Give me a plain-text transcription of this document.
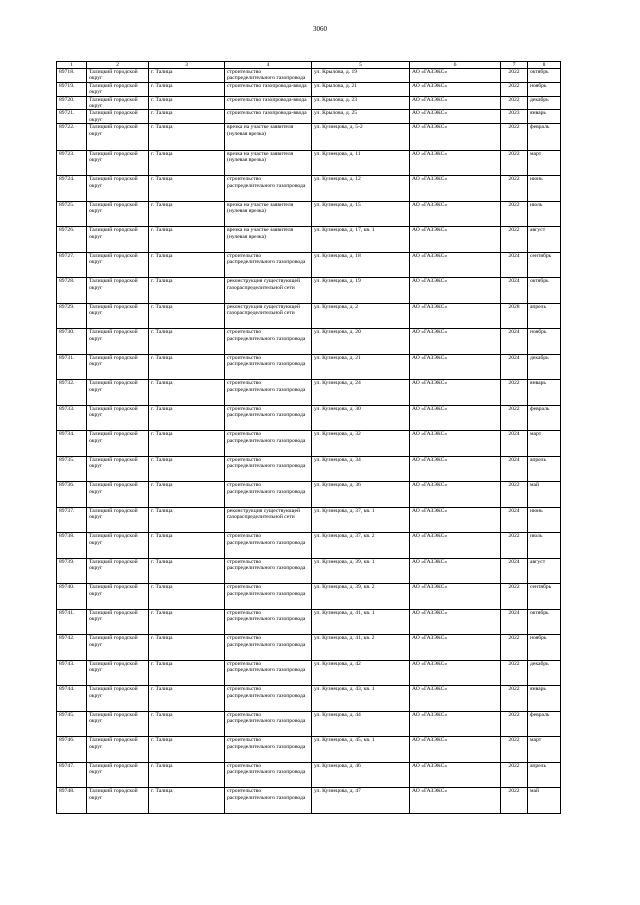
3060
1	2	3	4	5	6	7	8
89718.	Талицкий городской округ	г. Талица	строительство распределительного газопровода	ул. Крылова, д. 19	АО «ГАЗЭКС»	2022	октябрь
89719.	Талицкий городской округ	г. Талица	строительство газопровода-ввода	ул. Крылова, д. 21	АО «ГАЗЭКС»	2022	ноябрь
89720.	Талицкий городской округ	г. Талица	строительство газопровода-ввода	ул. Крылова, д. 23	АО «ГАЗЭКС»	2022	декабрь
89721.	Талицкий городской округ	г. Талица	строительство газопровода-ввода	ул. Крылова, д. 25	АО «ГАЗЭКС»	2023	январь
89722.	Талицкий городской округ	г. Талица	врезка на участке заявителя (нулевая врезка)	ул. Кузнецова, д. 5-2	АО «ГАЗЭКС»	2022	февраль
89723.	Талицкий городской округ	г. Талица	врезка на участке заявителя (нулевая врезка)	ул. Кузнецова, д. 11	АО «ГАЗЭКС»	2022	март
89724.	Талицкий городской округ	г. Талица	строительство распределительного газопровода	ул. Кузнецова, д. 12	АО «ГАЗЭКС»	2022	июнь
89725.	Талицкий городской округ	г. Талица	врезка на участке заявителя (нулевая врезка)	ул. Кузнецова, д. 15	АО «ГАЗЭКС»	2022	июль
89726.	Талицкий городской округ	г. Талица	врезка на участке заявителя (нулевая врезка)	ул. Кузнецова, д. 17, кв. 1	АО «ГАЗЭКС»	2022	август
89727.	Талицкий городской округ	г. Талица	строительство распределительного газопровода	ул. Кузнецова, д. 18	АО «ГАЗЭКС»	2024	сентябрь
89728.	Талицкий городской округ	г. Талица	реконструкция существующей газораспределительной сети	ул. Кузнецова, д. 19	АО «ГАЗЭКС»	2024	октябрь
89729.	Талицкий городской округ	г. Талица	реконструкция существующей газораспределительной сети	ул. Кузнецова, д. 2	АО «ГАЗЭКС»	2028	апрель
89730.	Талицкий городской округ	г. Талица	строительство распределительного газопровода	ул. Кузнецова, д. 20	АО «ГАЗЭКС»	2024	ноябрь
89731.	Талицкий городской округ	г. Талица	строительство распределительного газопровода	ул. Кузнецова, д. 21	АО «ГАЗЭКС»	2024	декабрь
89732.	Талицкий городской округ	г. Талица	строительство распределительного газопровода	ул. Кузнецова, д. 24	АО «ГАЗЭКС»	2022	январь
89733.	Талицкий городской округ	г. Талица	строительство распределительного газопровода	ул. Кузнецова, д. 30	АО «ГАЗЭКС»	2022	февраль
89734.	Талицкий городской округ	г. Талица	строительство распределительного газопровода	ул. Кузнецова, д. 32	АО «ГАЗЭКС»	2024	март
89735.	Талицкий городской округ	г. Талица	строительство распределительного газопровода	ул. Кузнецова, д. 34	АО «ГАЗЭКС»	2024	апрель
89736.	Талицкий городской округ	г. Талица	строительство распределительного газопровода	ул. Кузнецова, д. 36	АО «ГАЗЭКС»	2022	май
89737.	Талицкий городской округ	г. Талица	реконструкция существующей газораспределительной сети	ул. Кузнецова, д. 37, кв. 1	АО «ГАЗЭКС»	2024	июнь
89738.	Талицкий городской округ	г. Талица	строительство распределительного газопровода	ул. Кузнецова, д. 37, кв. 2	АО «ГАЗЭКС»	2022	июль
89739.	Талицкий городской округ	г. Талица	строительство распределительного газопровода	ул. Кузнецова, д. 39, кв. 1	АО «ГАЗЭКС»	2024	август
89740.	Талицкий городской округ	г. Талица	строительство распределительного газопровода	ул. Кузнецова, д. 39, кв. 2	АО «ГАЗЭКС»	2022	сентябрь
89741.	Талицкий городской округ	г. Талица	строительство распределительного газопровода	ул. Кузнецова, д. 41, кв. 1	АО «ГАЗЭКС»	2024	октябрь
89742.	Талицкий городской округ	г. Талица	строительство распределительного газопровода	ул. Кузнецова, д. 41, кв. 2	АО «ГАЗЭКС»	2022	ноябрь
89743.	Талицкий городской округ	г. Талица	строительство распределительного газопровода	ул. Кузнецова, д. 42	АО «ГАЗЭКС»	2022	декабрь
89744.	Талицкий городской округ	г. Талица	строительство распределительного газопровода	ул. Кузнецова, д. 43, кв. 1	АО «ГАЗЭКС»	2022	январь
89745.	Талицкий городской округ	г. Талица	строительство распределительного газопровода	ул. Кузнецова, д. 44	АО «ГАЗЭКС»	2022	февраль
89746.	Талицкий городской округ	г. Талица	строительство распределительного газопровода	ул. Кузнецова, д. 45, кв. 1	АО «ГАЗЭКС»	2022	март
89747.	Талицкий городской округ	г. Талица	строительство распределительного газопровода	ул. Кузнецова, д. 46	АО «ГАЗЭКС»	2022	апрель
89748.	Талицкий городской округ	г. Талица	строительство распределительного газопровода	ул. Кузнецова, д. 47	АО «ГАЗЭКС»	2022	май
